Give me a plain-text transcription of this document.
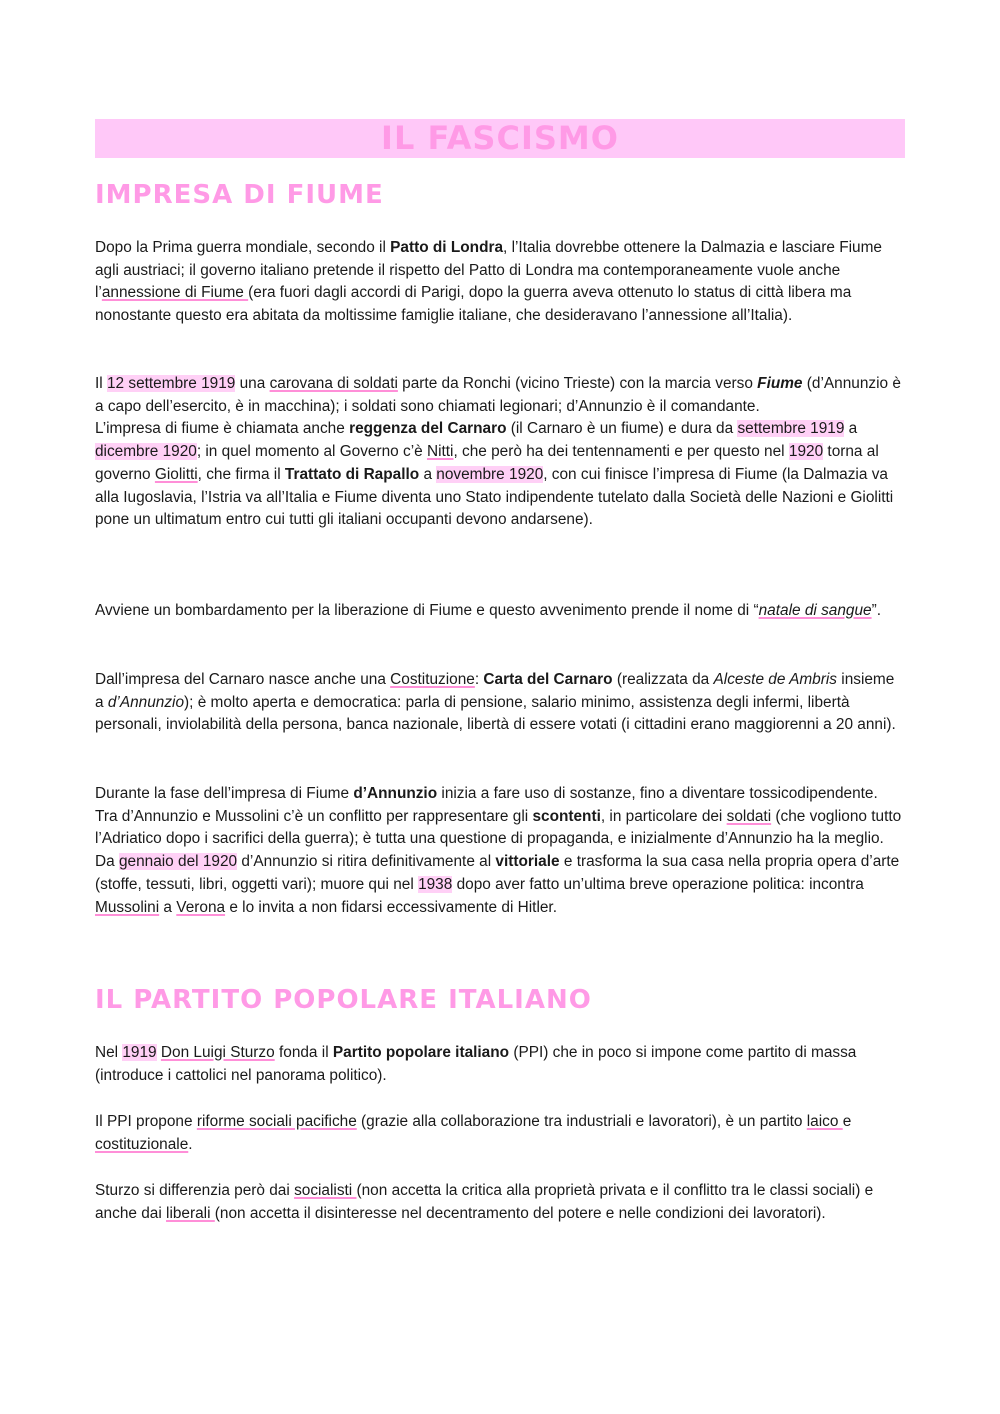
IL FASCISMO
IMPRESA DI FIUME
Dopo la Prima guerra mondiale, secondo il Patto di Londra, l’Italia dovrebbe ottenere la Dalmazia e lasciare Fiume agli austriaci; il governo italiano pretende il rispetto del Patto di Londra ma contemporaneamente vuole anche l’annessione di Fiume (era fuori dagli accordi di Parigi, dopo la guerra aveva ottenuto lo status di città libera ma nonostante questo era abitata da moltissime famiglie italiane, che desideravano l’annessione all’Italia).
Il 12 settembre 1919 una carovana di soldati parte da Ronchi (vicino Trieste) con la marcia verso Fiume (d’Annunzio è a capo dell’esercito, è in macchina); i soldati sono chiamati legionari; d’Annunzio è il comandante.
L’impresa di fiume è chiamata anche reggenza del Carnaro (il Carnaro è un fiume) e dura da settembre 1919 a dicembre 1920; in quel momento al Governo c’è Nitti, che però ha dei tentennamenti e per questo nel 1920 torna al governo Giolitti, che firma il Trattato di Rapallo a novembre 1920, con cui finisce l’impresa di Fiume (la Dalmazia va alla Iugoslavia, l’Istria va all’Italia e Fiume diventa uno Stato indipendente tutelato dalla Società delle Nazioni e Giolitti pone un ultimatum entro cui tutti gli italiani occupanti devono andarsene).
Avviene un bombardamento per la liberazione di Fiume e questo avvenimento prende il nome di “natale di sangue”.
Dall’impresa del Carnaro nasce anche una Costituzione: Carta del Carnaro (realizzata da Alceste de Ambris insieme a d’Annunzio); è molto aperta e democratica: parla di pensione, salario minimo, assistenza degli infermi, libertà personali, inviolabilità della persona, banca nazionale, libertà di essere votati (i cittadini erano maggiorenni a 20 anni).
Durante la fase dell’impresa di Fiume d’Annunzio inizia a fare uso di sostanze, fino a diventare tossicodipendente.
Tra d’Annunzio e Mussolini c’è un conflitto per rappresentare gli scontenti, in particolare dei soldati (che vogliono tutto l’Adriatico dopo i sacrifici della guerra); è tutta una questione di propaganda, e inizialmente d’Annunzio ha la meglio.
Da gennaio del 1920 d’Annunzio si ritira definitivamente al vittoriale e trasforma la sua casa nella propria opera d’arte (stoffe, tessuti, libri, oggetti vari); muore qui nel 1938 dopo aver fatto un’ultima breve operazione politica: incontra Mussolini a Verona e lo invita a non fidarsi eccessivamente di Hitler.
IL PARTITO POPOLARE ITALIANO
Nel 1919 Don Luigi Sturzo fonda il Partito popolare italiano (PPI) che in poco si impone come partito di massa (introduce i cattolici nel panorama politico).
Il PPI propone riforme sociali pacifiche (grazie alla collaborazione tra industriali e lavoratori), è un partito laico e costituzionale.
Sturzo si differenzia però dai socialisti (non accetta la critica alla proprietà privata e il conflitto tra le classi sociali) e anche dai liberali (non accetta il disinteresse nel decentramento del potere e nelle condizioni dei lavoratori).
